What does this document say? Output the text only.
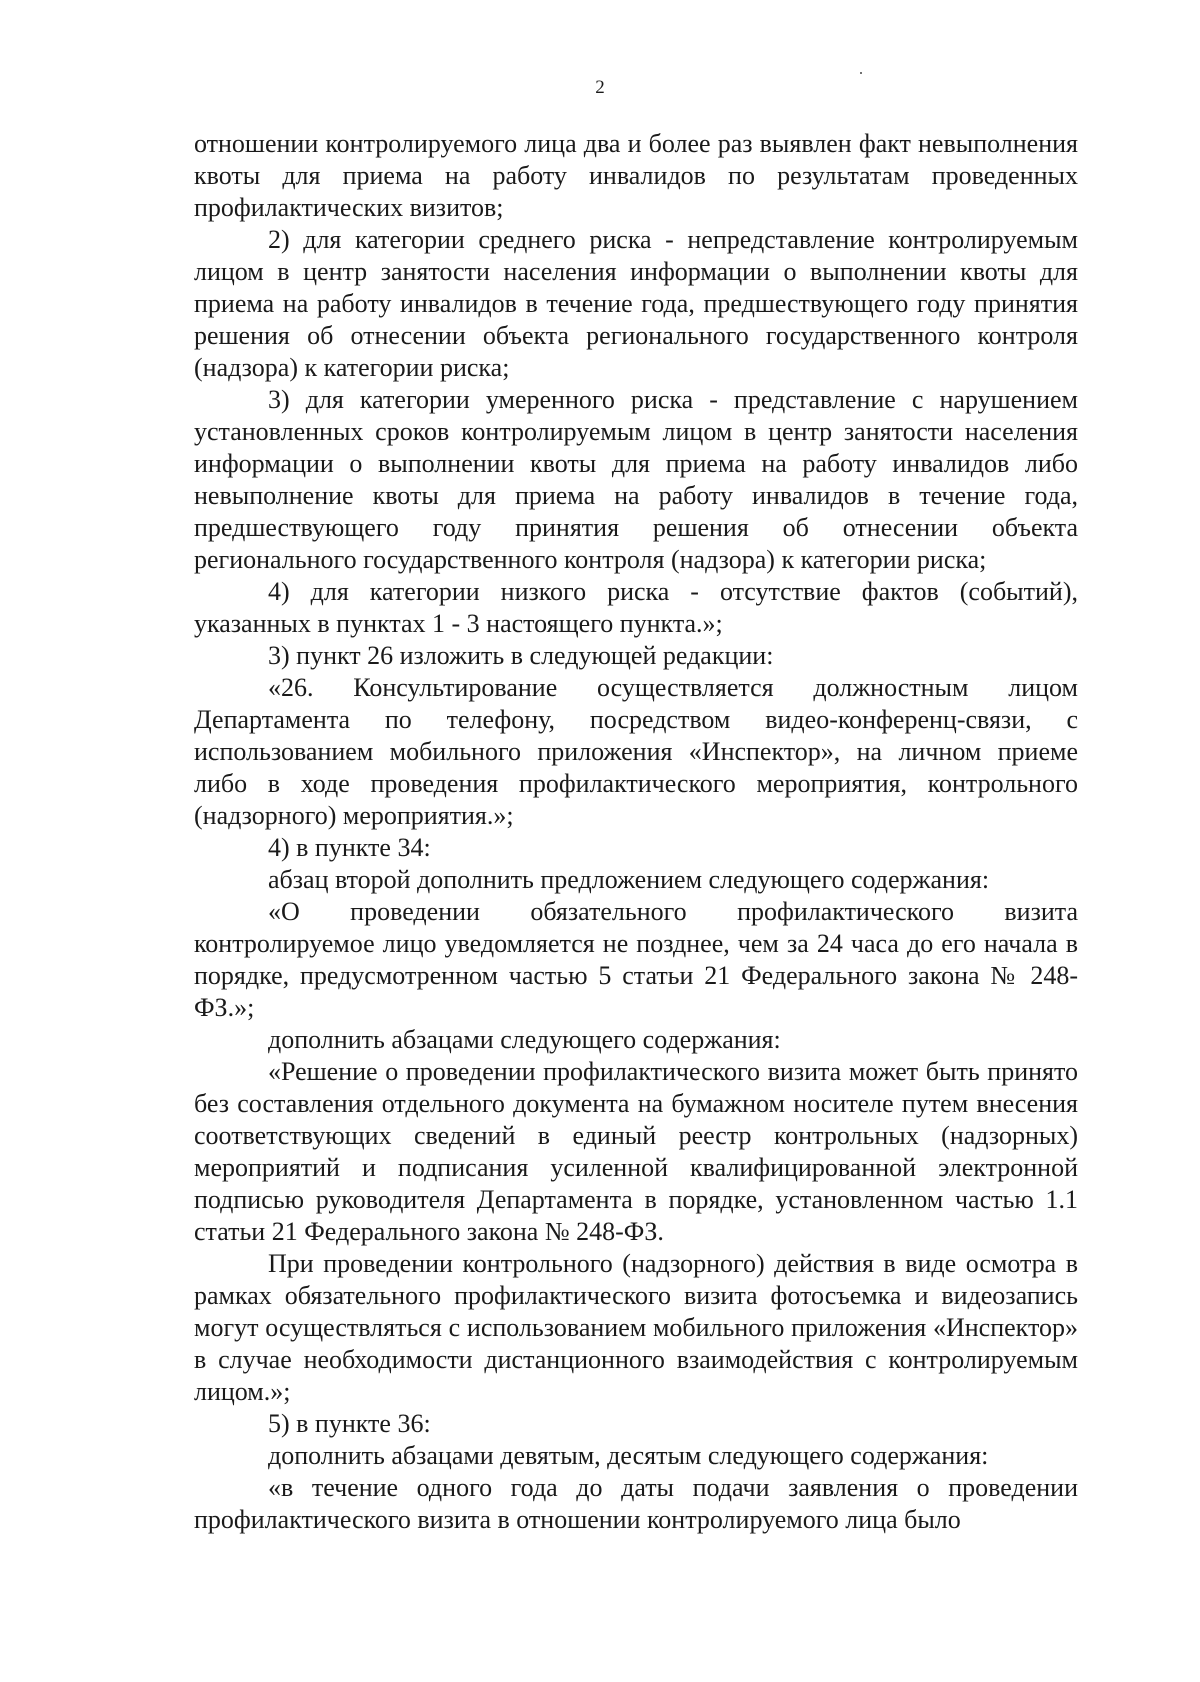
2

отношении контролируемого лица два и более раз выявлен факт невыполнения квоты для приема на работу инвалидов по результатам проведенных профилактических визитов;

2) для категории среднего риска - непредставление контролируемым лицом в центр занятости населения информации о выполнении квоты для приема на работу инвалидов в течение года, предшествующего году принятия решения об отнесении объекта регионального государственного контроля (надзора) к категории риска;

3) для категории умеренного риска - представление с нарушением установленных сроков контролируемым лицом в центр занятости населения информации о выполнении квоты для приема на работу инвалидов либо невыполнение квоты для приема на работу инвалидов в течение года, предшествующего году принятия решения об отнесении объекта регионального государственного контроля (надзора) к категории риска;

4) для категории низкого риска - отсутствие фактов (событий), указанных в пунктах 1 - 3 настоящего пункта.»;

3) пункт 26 изложить в следующей редакции:

«26. Консультирование осуществляется должностным лицом Департамента по телефону, посредством видео-конференц-связи, с использованием мобильного приложения «Инспектор», на личном приеме либо в ходе проведения профилактического мероприятия, контрольного (надзорного) мероприятия.»;

4) в пункте 34:

абзац второй дополнить предложением следующего содержания:

«О проведении обязательного профилактического визита контролируемое лицо уведомляется не позднее, чем за 24 часа до его начала в порядке, предусмотренном частью 5 статьи 21 Федерального закона № 248-ФЗ.»;

дополнить абзацами следующего содержания:

«Решение о проведении профилактического визита может быть принято без составления отдельного документа на бумажном носителе путем внесения соответствующих сведений в единый реестр контрольных (надзорных) мероприятий и подписания усиленной квалифицированной электронной подписью руководителя Департамента в порядке, установленном частью 1.1 статьи 21 Федерального закона № 248-ФЗ.

При проведении контрольного (надзорного) действия в виде осмотра в рамках обязательного профилактического визита фотосъемка и видеозапись могут осуществляться с использованием мобильного приложения «Инспектор» в случае необходимости дистанционного взаимодействия с контролируемым лицом.»;

5) в пункте 36:

дополнить абзацами девятым, десятым следующего содержания:

«в течение одного года до даты подачи заявления о проведении профилактического визита в отношении контролируемого лица было
